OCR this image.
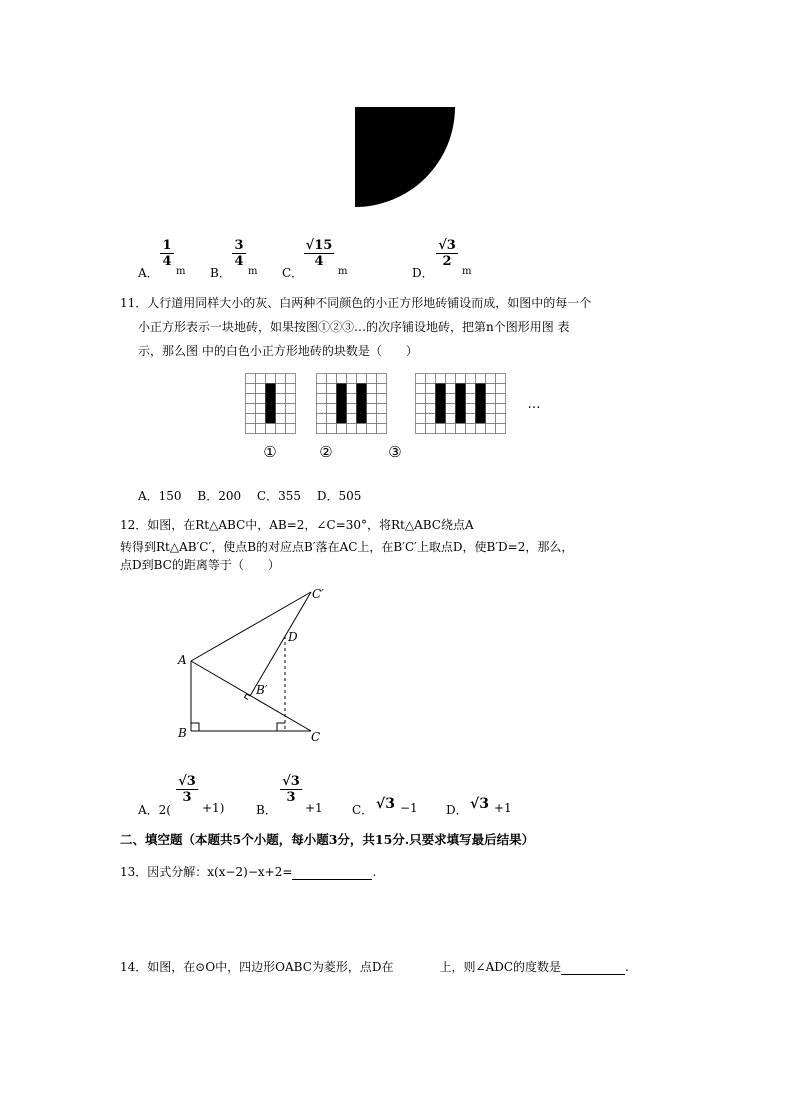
A．
$\frac{1}{4}$
m B．
$\frac{3}{4}$
m C．
$\frac{√15}{4}$
m	D．
$\frac{√3}{2}$
m
11．人行道用同样大小的灰、白两种不同颜色的小正方形地砖铺设而成，如图中的每一个
小正方形表示一块地砖，如果按图①②③…的次序铺设地砖，把第n个图形用图 表
示，那么图 中的白色小正方形地砖的块数是（　　）
①	②	③
…
A．150　 B．200　 C．355　 D．505
12．如图，在Rt△ABC中，AB=2，∠C=30°，将Rt△ABC绕点A
转得到Rt△AB′C′，使点B的对应点B′落在AC上，在B′C′上取点D，使B′D=2，那么，
点D到BC的距离等于（　　）
C′
D
A
B′
B	C
A．2(
$\frac{√3}{3}$
+1)	B．
$\frac{√3}{3}$
+1 C． √3 −1 D． √3 +1
二、填空题（本题共5个小题，每小题3分，共15分.只要求填写最后结果）
13．因式分解：x(x−2)−x+2=	.
14．如图，在⊙O中，四边形OABC为菱形，点D在	上，则∠ADC的度数是	.
